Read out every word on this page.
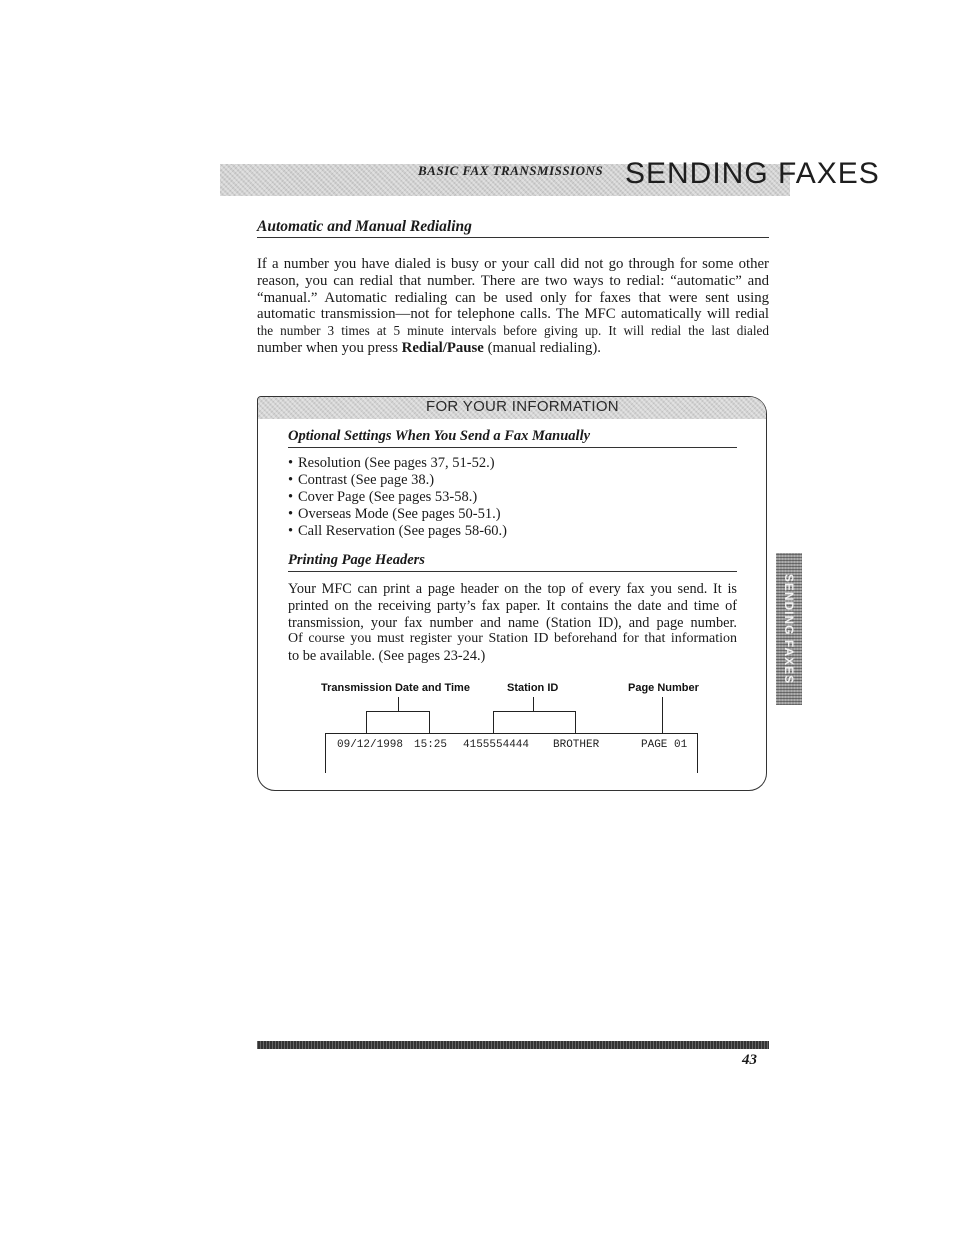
BASIC FAX TRANSMISSIONS SENDING FAXES
Automatic and Manual Redialing

If a number you have dialed is busy or your call did not go through for some other

reason, you can redial that number. There are two ways to redial: “automatic” and

“manual.” Automatic redialing can be used only for faxes that were sent using

automatic transmission—not for telephone calls. The MFC automatically will redial

the number 3 times at 5 minute intervals before giving up. It will redial the last dialed

number when you press Redial/Pause (manual redialing).

FOR YOUR INFORMATION
Optional Settings When You Send a Fax Manually
• Resolution (See pages 37, 51-52.)
• Contrast (See page 38.)
• Cover Page (See pages 53-58.)
• Overseas Mode (See pages 50-51.)
• Call Reservation (See pages 58-60.)
Printing Page Headers

Your MFC can print a page header on the top of every fax you send. It is

printed on the receiving party’s fax paper. It contains the date and time of

transmission, your fax number and name (Station ID), and page number.

Of course you must register your Station ID beforehand for that information

to be available. (See pages 23-24.)

Transmission Date and Time	Station ID	Page Number
09/12/1998 15:25 4155554444 BROTHER	PAGE 01
SENDING FAXES
43
